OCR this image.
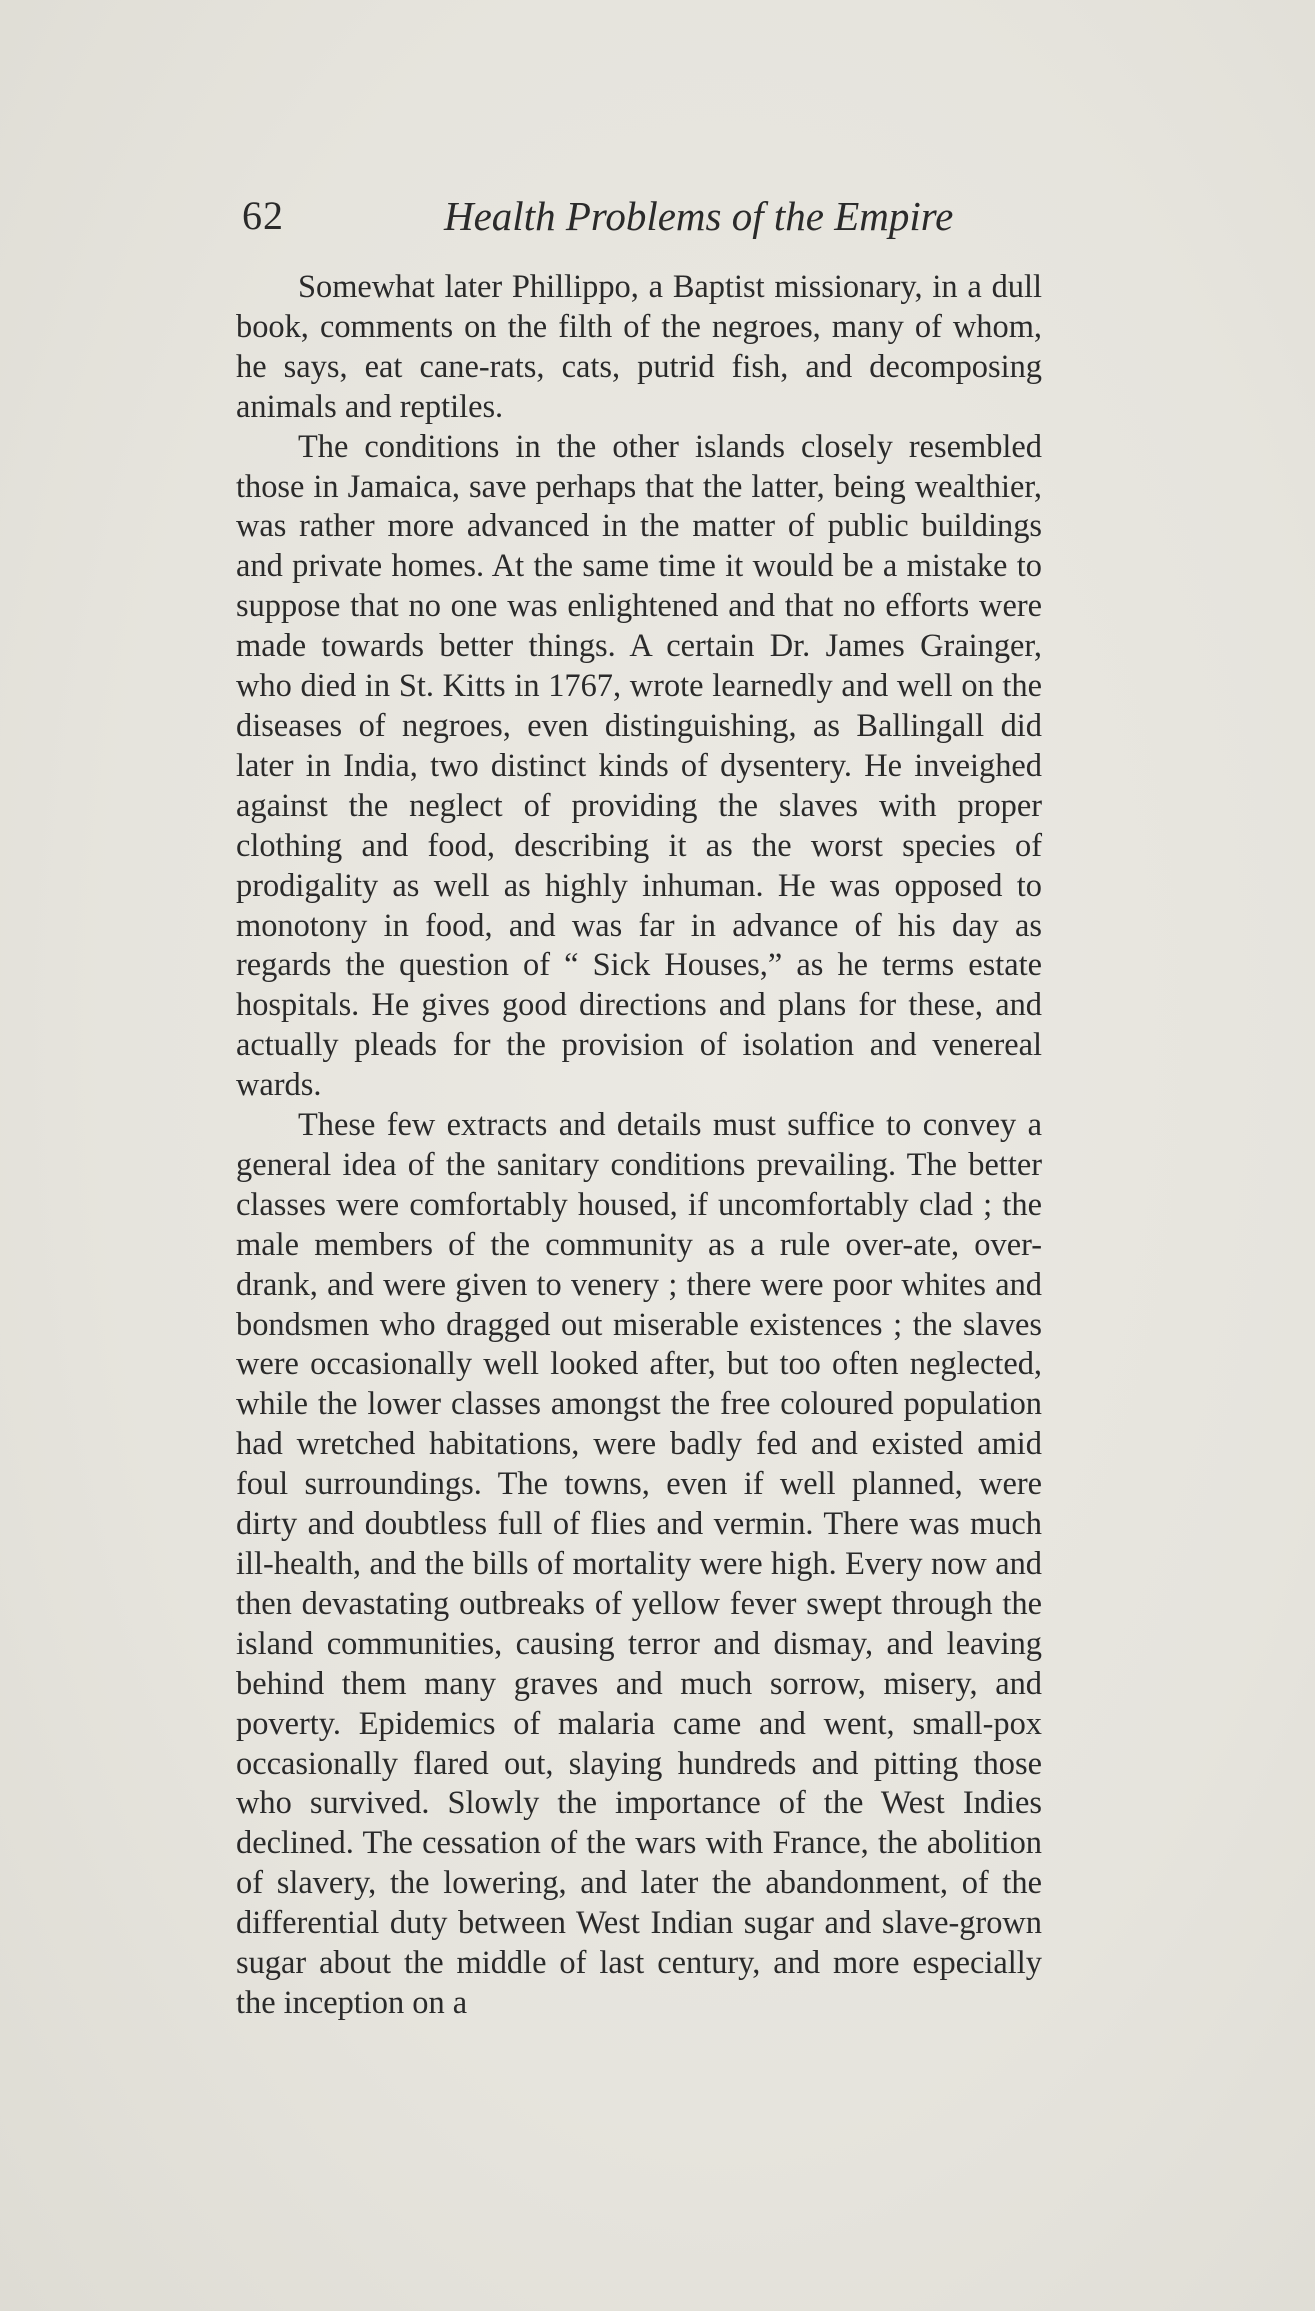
62	Health Problems of the Empire

Somewhat later Phillippo, a Baptist missionary, in a dull book, comments on the filth of the negroes, many of whom, he says, eat cane-rats, cats, putrid fish, and decomposing animals and reptiles.

The conditions in the other islands closely resembled those in Jamaica, save perhaps that the latter, being wealthier, was rather more advanced in the matter of public buildings and private homes. At the same time it would be a mistake to suppose that no one was enlightened and that no efforts were made towards better things. A certain Dr. James Grainger, who died in St. Kitts in 1767, wrote learnedly and well on the diseases of negroes, even distinguishing, as Ballingall did later in India, two distinct kinds of dysentery. He inveighed against the neglect of providing the slaves with proper clothing and food, describing it as the worst species of prodigality as well as highly inhuman. He was opposed to monotony in food, and was far in advance of his day as regards the question of “ Sick Houses,” as he terms estate hospitals. He gives good directions and plans for these, and actually pleads for the provision of isolation and venereal wards.

These few extracts and details must suffice to convey a general idea of the sanitary conditions prevailing. The better classes were comfortably housed, if uncomfortably clad ; the male members of the community as a rule over-ate, over-drank, and were given to venery ; there were poor whites and bondsmen who dragged out miserable existences ; the slaves were occasionally well looked after, but too often neglected, while the lower classes amongst the free coloured population had wretched habitations, were badly fed and existed amid foul surroundings. The towns, even if well planned, were dirty and doubtless full of flies and vermin. There was much ill-health, and the bills of mortality were high. Every now and then devastating outbreaks of yellow fever swept through the island communities, causing terror and dismay, and leaving behind them many graves and much sorrow, misery, and poverty. Epidemics of malaria came and went, small-pox occasionally flared out, slaying hundreds and pitting those who survived. Slowly the importance of the West Indies declined. The cessation of the wars with France, the abolition of slavery, the lowering, and later the abandonment, of the differential duty between West Indian sugar and slave-grown sugar about the middle of last century, and more especially the inception on a
